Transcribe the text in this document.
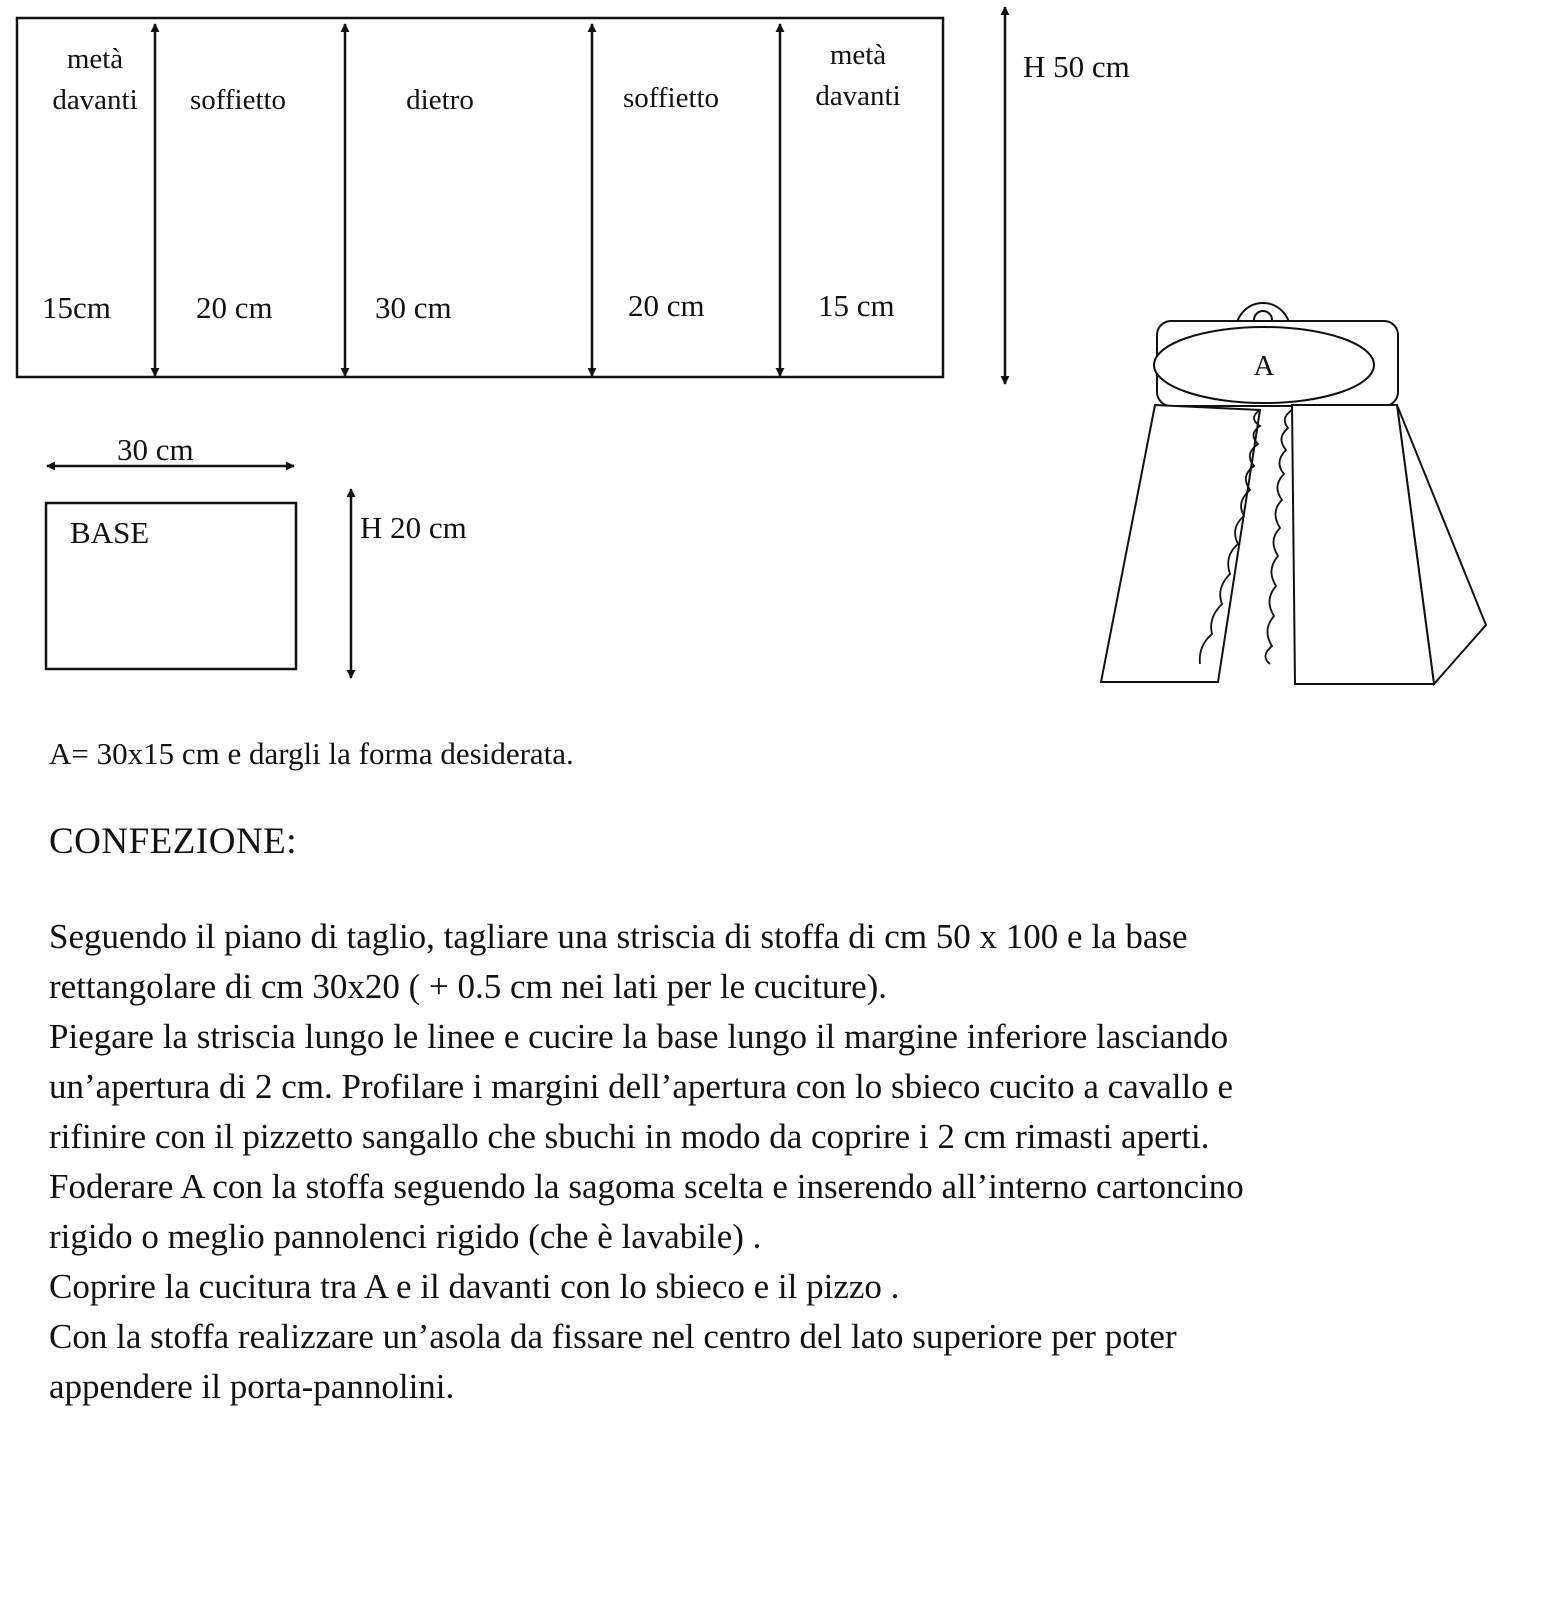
metà
davanti
15cm
soffietto
20 cm
dietro
30 cm
soffietto
20 cm
metà
davanti
15 cm
H 50 cm
30 cm
BASE	H 20 cm
A

A= 30x15 cm e dargli la forma desiderata.

CONFEZIONE:

Seguendo il piano di taglio, tagliare una striscia di stoffa di cm 50 x 100 e la base

rettangolare di cm 30x20 ( + 0.5 cm nei lati per le cuciture).

Piegare la striscia lungo le linee e cucire la base lungo il margine inferiore lasciando

un’apertura di 2 cm. Profilare i margini dell’apertura con lo sbieco cucito a cavallo e

rifinire con il pizzetto sangallo che sbuchi in modo da coprire i 2 cm rimasti aperti.

Foderare A con la stoffa seguendo la sagoma scelta e inserendo all’interno cartoncino

rigido o meglio pannolenci rigido (che è lavabile) .

Coprire la cucitura tra A e il davanti con lo sbieco e il pizzo .

Con la stoffa realizzare un’asola da fissare nel centro del lato superiore per poter

appendere il porta-pannolini.
